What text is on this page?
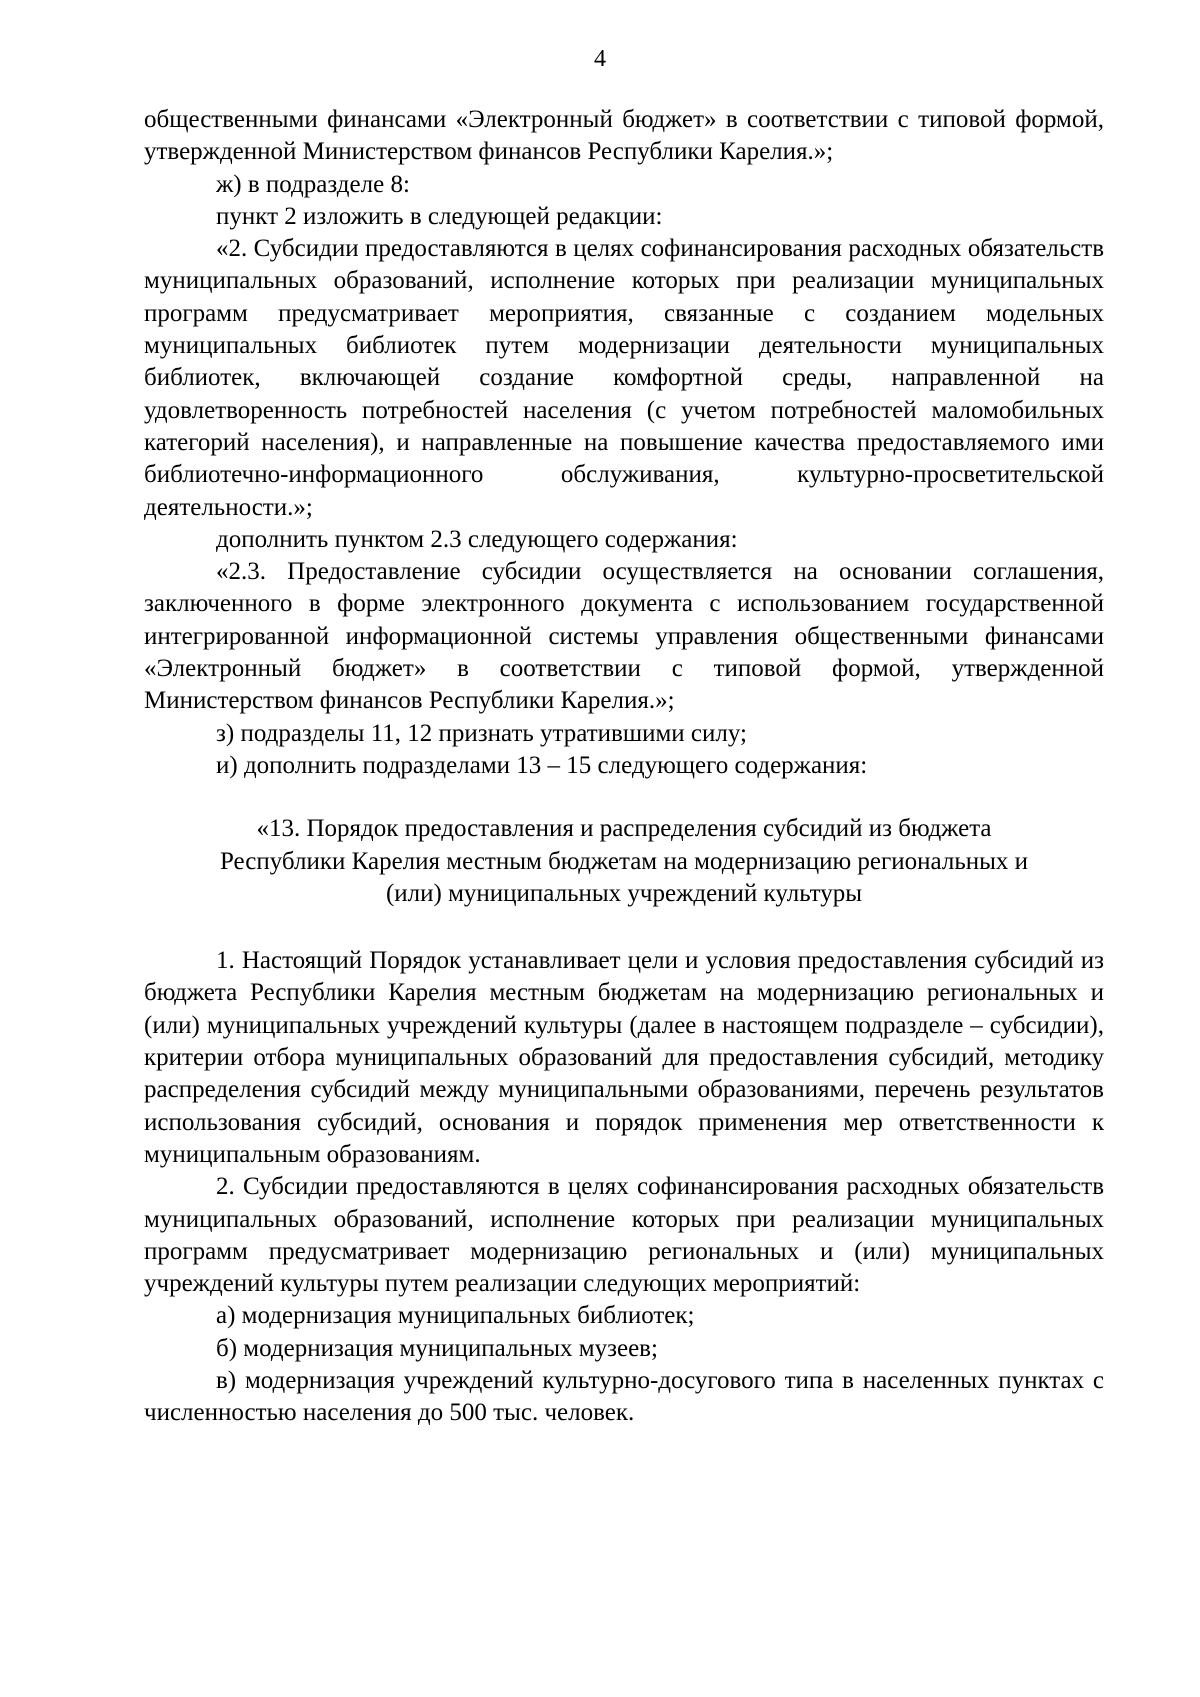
4

общественными финансами «Электронный бюджет» в соответствии с типовой формой, утвержденной Министерством финансов Республики Карелия.»;

ж) в подразделе 8:

пункт 2 изложить в следующей редакции:

«2. Субсидии предоставляются в целях софинансирования расходных обязательств муниципальных образований, исполнение которых при реализации муниципальных программ предусматривает мероприятия, связанные с созданием модельных муниципальных библиотек путем модернизации деятельности муниципальных библиотек, включающей создание комфортной среды, направленной на удовлетворенность потребностей населения (с учетом потребностей маломобильных категорий населения), и направленные на повышение качества предоставляемого ими библиотечно-информационного обслуживания, культурно-просветительской деятельности.»;

дополнить пунктом 2.3 следующего содержания:

«2.3. Предоставление субсидии осуществляется на основании соглашения, заключенного в форме электронного документа с использованием государственной интегрированной информационной системы управления общественными финансами «Электронный бюджет» в соответствии с типовой формой, утвержденной Министерством финансов Республики Карелия.»;

з) подразделы 11, 12 признать утратившими силу;

и) дополнить подразделами 13 – 15 следующего содержания:

«13. Порядок предоставления и распределения субсидий из бюджета

Республики Карелия местным бюджетам на модернизацию региональных и

(или) муниципальных учреждений культуры

1. Настоящий Порядок устанавливает цели и условия предоставления субсидий из бюджета Республики Карелия местным бюджетам на модернизацию региональных и (или) муниципальных учреждений культуры (далее в настоящем подразделе – субсидии), критерии отбора муниципальных образований для предоставления субсидий, методику распределения субсидий между муниципальными образованиями, перечень результатов использования субсидий, основания и порядок применения мер ответственности к муниципальным образованиям.

2. Субсидии предоставляются в целях софинансирования расходных обязательств муниципальных образований, исполнение которых при реализации муниципальных программ предусматривает модернизацию региональных и (или) муниципальных учреждений культуры путем реализации следующих мероприятий:

а) модернизация муниципальных библиотек;

б) модернизация муниципальных музеев;

в) модернизация учреждений культурно-досугового типа в населенных пунктах с численностью населения до 500 тыс. человек.
